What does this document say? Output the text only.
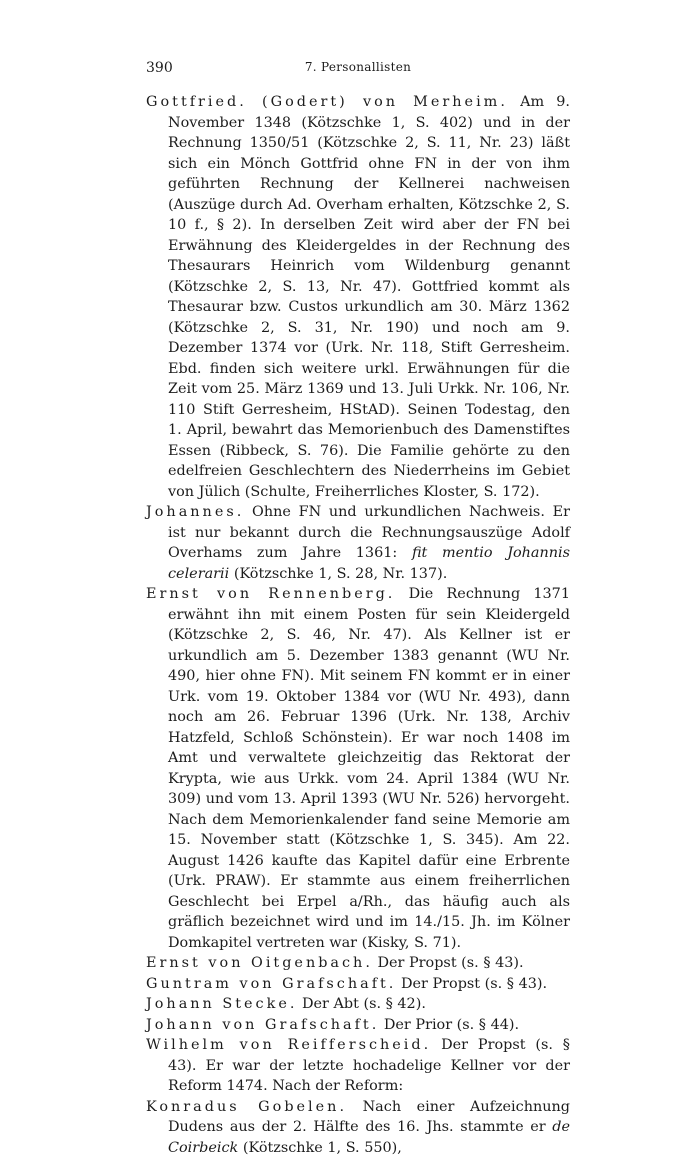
390	7. Personallisten

Gottfried. (Godert) von Merheim. Am 9. November 1348 (Kötzschke 1, S. 402) und in der Rechnung 1350/51 (Kötzschke 2, S. 11, Nr. 23) läßt sich ein Mönch Gottfrid ohne FN in der von ihm geführten Rechnung der Kellnerei nachweisen (Auszüge durch Ad. Overham erhalten, Kötzschke 2, S. 10 f., § 2). In derselben Zeit wird aber der FN bei Erwähnung des Kleidergeldes in der Rechnung des Thesaurars Heinrich vom Wildenburg genannt (Kötzschke 2, S. 13, Nr. 47). Gottfried kommt als Thesaurar bzw. Custos urkundlich am 30. März 1362 (Kötzschke 2, S. 31, Nr. 190) und noch am 9. Dezember 1374 vor (Urk. Nr. 118, Stift Gerresheim. Ebd. finden sich weitere urkl. Erwähnungen für die Zeit vom 25. März 1369 und 13. Juli Urkk. Nr. 106, Nr. 110 Stift Gerresheim, HStAD). Seinen Todestag, den 1. April, bewahrt das Memorienbuch des Damenstiftes Essen (Ribbeck, S. 76). Die Familie gehörte zu den edelfreien Geschlechtern des Niederrheins im Gebiet von Jülich (Schulte, Freiherrliches Kloster, S. 172).

Johannes. Ohne FN und urkundlichen Nachweis. Er ist nur bekannt durch die Rechnungsauszüge Adolf Overhams zum Jahre 1361: fit mentio Johannis celerarii (Kötzschke 1, S. 28, Nr. 137).

Ernst von Rennenberg. Die Rechnung 1371 erwähnt ihn mit einem Posten für sein Kleidergeld (Kötzschke 2, S. 46, Nr. 47). Als Kellner ist er urkundlich am 5. Dezember 1383 genannt (WU Nr. 490, hier ohne FN). Mit seinem FN kommt er in einer Urk. vom 19. Oktober 1384 vor (WU Nr. 493), dann noch am 26. Februar 1396 (Urk. Nr. 138, Archiv Hatzfeld, Schloß Schönstein). Er war noch 1408 im Amt und verwaltete gleichzeitig das Rektorat der Krypta, wie aus Urkk. vom 24. April 1384 (WU Nr. 309) und vom 13. April 1393 (WU Nr. 526) hervorgeht. Nach dem Memorienkalender fand seine Memorie am 15. November statt (Kötzschke 1, S. 345). Am 22. August 1426 kaufte das Kapitel dafür eine Erbrente (Urk. PRAW). Er stammte aus einem freiherrlichen Geschlecht bei Erpel a/Rh., das häufig auch als gräflich bezeichnet wird und im 14./15. Jh. im Kölner Domkapitel vertreten war (Kisky, S. 71).

Ernst von Oitgenbach. Der Propst (s. § 43).

Guntram von Grafschaft. Der Propst (s. § 43).

Johann Stecke. Der Abt (s. § 42).

Johann von Grafschaft. Der Prior (s. § 44).

Wilhelm von Reifferscheid. Der Propst (s. § 43). Er war der letzte hochadelige Kellner vor der Reform 1474. Nach der Reform:

Konradus Gobelen. Nach einer Aufzeichnung Dudens aus der 2. Hälfte des 16. Jhs. stammte er de Coirbeick (Kötzschke 1, S. 550),
